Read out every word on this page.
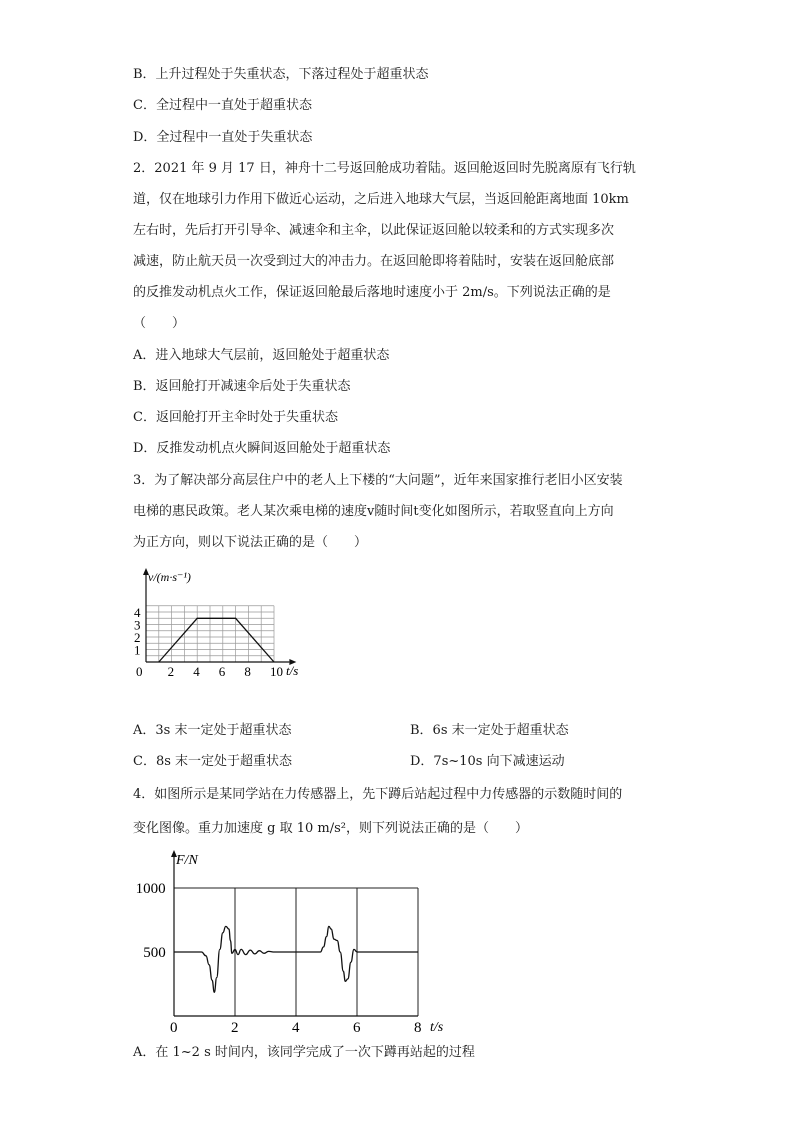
B．上升过程处于失重状态，下落过程处于超重状态
C．全过程中一直处于超重状态
D．全过程中一直处于失重状态
2．2021 年 9 月 17 日，神舟十二号返回舱成功着陆。返回舱返回时先脱离原有飞行轨
道，仅在地球引力作用下做近心运动，之后进入地球大气层，当返回舱距离地面 10km
左右时，先后打开引导伞、减速伞和主伞，以此保证返回舱以较柔和的方式实现多次
减速，防止航天员一次受到过大的冲击力。在返回舱即将着陆时，安装在返回舱底部
的反推发动机点火工作，保证返回舱最后落地时速度小于 2m/s。下列说法正确的是
（　　）
A．进入地球大气层前，返回舱处于超重状态
B．返回舱打开减速伞后处于失重状态
C．返回舱打开主伞时处于失重状态
D．反推发动机点火瞬间返回舱处于超重状态
3．为了解决部分高层住户中的老人上下楼的“大问题”，近年来国家推行老旧小区安装
电梯的惠民政策。老人某次乘电梯的速度v随时间t变化如图所示，若取竖直向上方向
为正方向，则以下说法正确的是（　　）
0 2 4 6 8 10
1
2
3
4
v/(m·s⁻¹)
t/s
A．3s 末一定处于超重状态	B．6s 末一定处于超重状态
C．8s 末一定处于超重状态	D．7s~10s 向下减速运动
4．如图所示是某同学站在力传感器上，先下蹲后站起过程中力传感器的示数随时间的
变化图像。重力加速度 g 取 10 m/s²，则下列说法正确的是（　　）
0	2	4	6	8
500
1000
F/N
t/s
A．在 1~2 s 时间内，该同学完成了一次下蹲再站起的过程
